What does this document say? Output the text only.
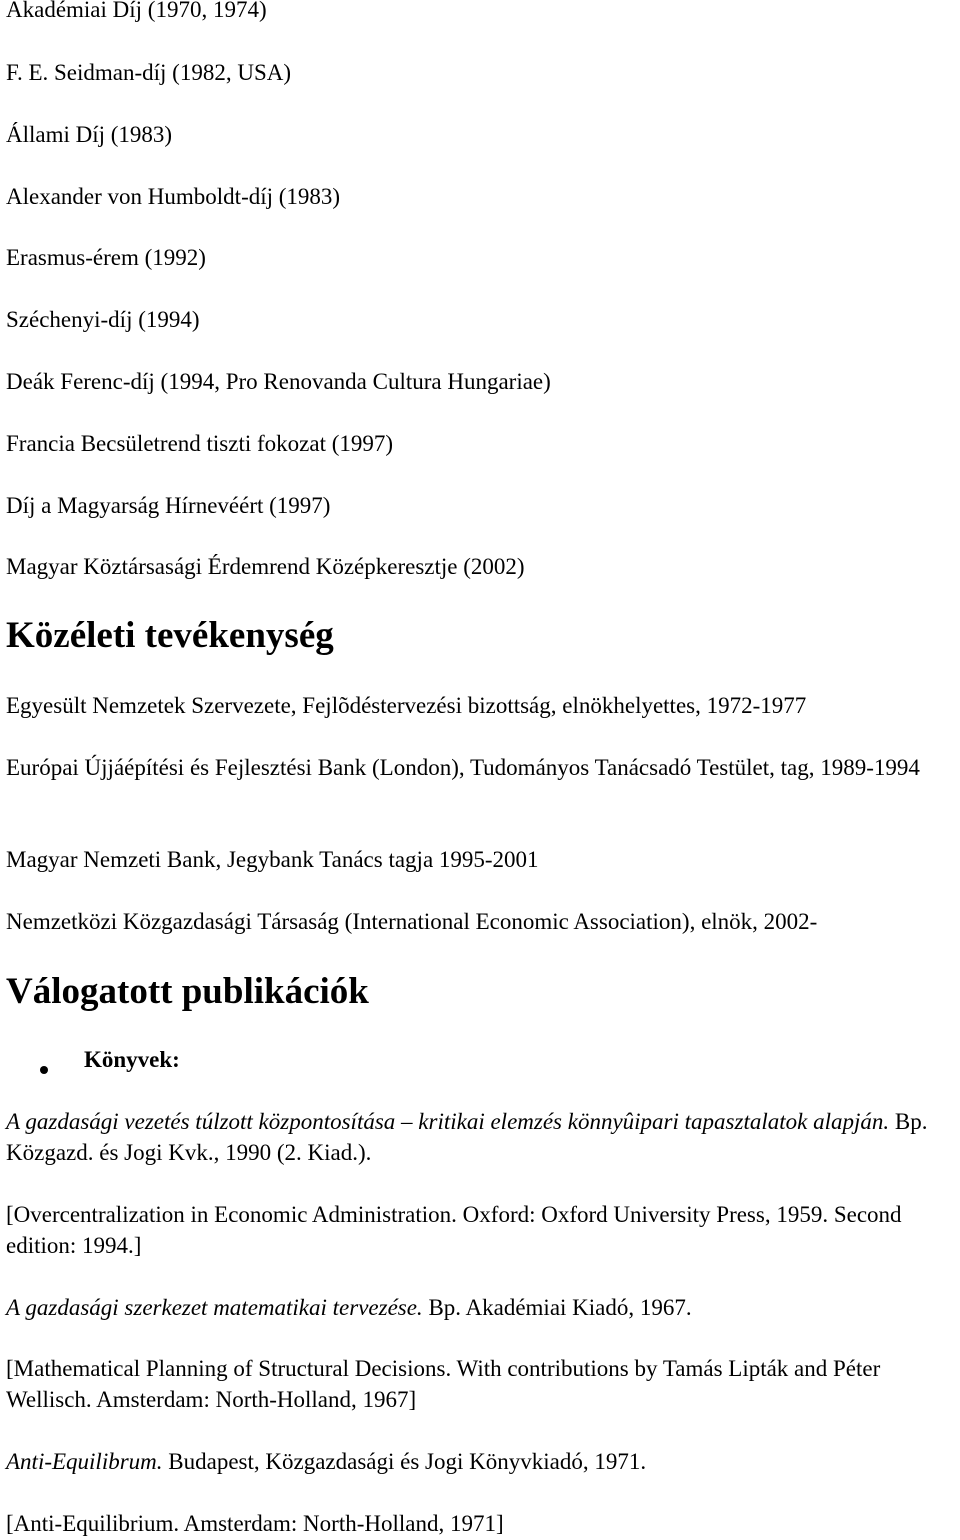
Akadémiai Díj (1970, 1974)

F. E. Seidman-díj (1982, USA)

Állami Díj (1983)

Alexander von Humboldt-díj (1983)

Erasmus-érem (1992)

Széchenyi-díj (1994)

Deák Ferenc-díj (1994, Pro Renovanda Cultura Hungariae)

Francia Becsületrend tiszti fokozat (1997)

Díj a Magyarság Hírnevéért (1997)

Magyar Köztársasági Érdemrend Középkeresztje (2002)

Közéleti tevékenység

Egyesült Nemzetek Szervezete, Fejlõdéstervezési bizottság, elnökhelyettes, 1972-1977

Európai Újjáépítési és Fejlesztési Bank (London), Tudományos Tanácsadó Testület, tag, 1989-1994

Magyar Nemzeti Bank, Jegybank Tanács tagja 1995-2001

Nemzetközi Közgazdasági Társaság (International Economic Association), elnök, 2002-

Válogatott publikációk

Könyvek:

A gazdasági vezetés túlzott központosítása – kritikai elemzés könnyûipari tapasztalatok alapján. Bp. Közgazd. és Jogi Kvk., 1990 (2. Kiad.).

[Overcentralization in Economic Administration. Oxford: Oxford University Press, 1959. Second edition: 1994.]

A gazdasági szerkezet matematikai tervezése. Bp. Akadémiai Kiadó, 1967.

[Mathematical Planning of Structural Decisions. With contributions by Tamás Lipták and Péter Wellisch. Amsterdam: North-Holland, 1967]

Anti-Equilibrum. Budapest, Közgazdasági és Jogi Könyvkiadó, 1971.

[Anti-Equilibrium. Amsterdam: North-Holland, 1971]
